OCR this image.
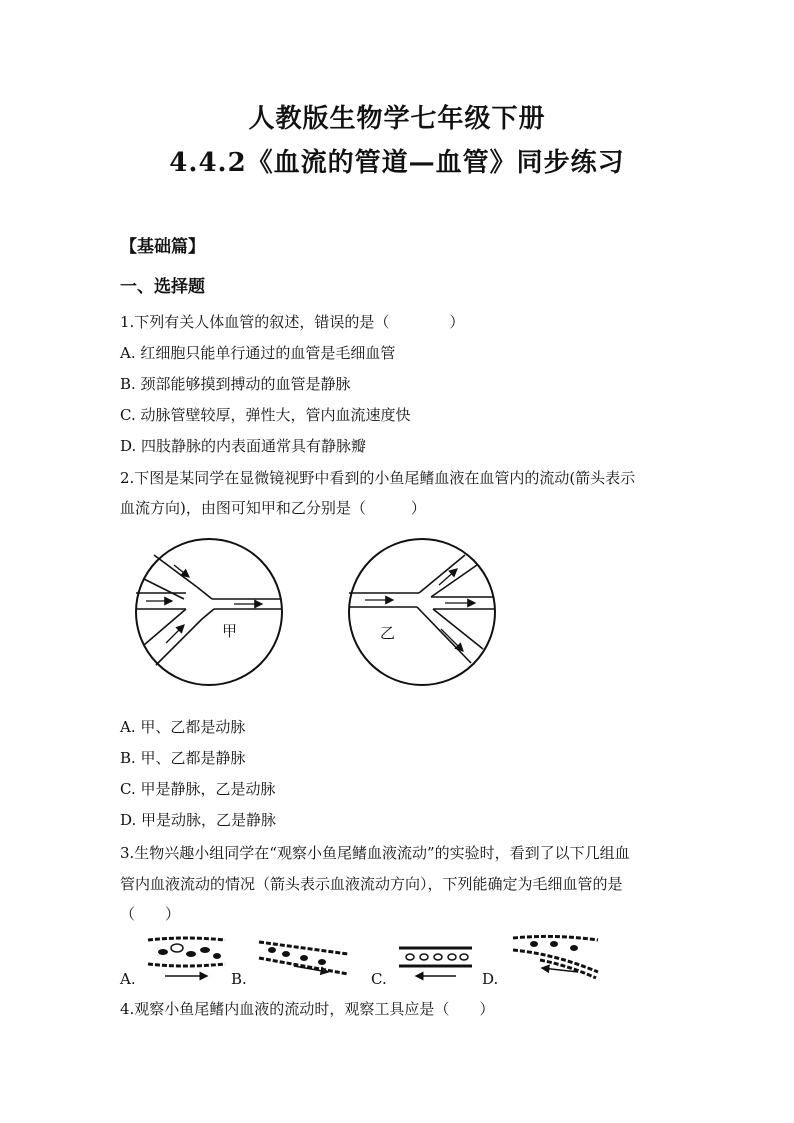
人教版生物学七年级下册
4.4.2《血流的管道—血管》同步练习
【基础篇】
一、选择题
1.下列有关人体血管的叙述，错误的是（　　　　）
A. 红细胞只能单行通过的血管是毛细血管
B. 颈部能够摸到搏动的血管是静脉
C. 动脉管壁较厚，弹性大，管内血流速度快
D. 四肢静脉的内表面通常具有静脉瓣
2.下图是某同学在显微镜视野中看到的小鱼尾鳍血液在血管内的流动(箭头表示
血流方向)，由图可知甲和乙分别是（　　　）
甲	乙
A. 甲、乙都是动脉
B. 甲、乙都是静脉
C. 甲是静脉，乙是动脉
D. 甲是动脉，乙是静脉
3.生物兴趣小组同学在“观察小鱼尾鳍血液流动”的实验时，看到了以下几组血
管内血液流动的情况（箭头表示血液流动方向），下列能确定为毛细血管的是
（　　）
A.	B.	C.	D.
4.观察小鱼尾鳍内血液的流动时，观察工具应是（　　）
